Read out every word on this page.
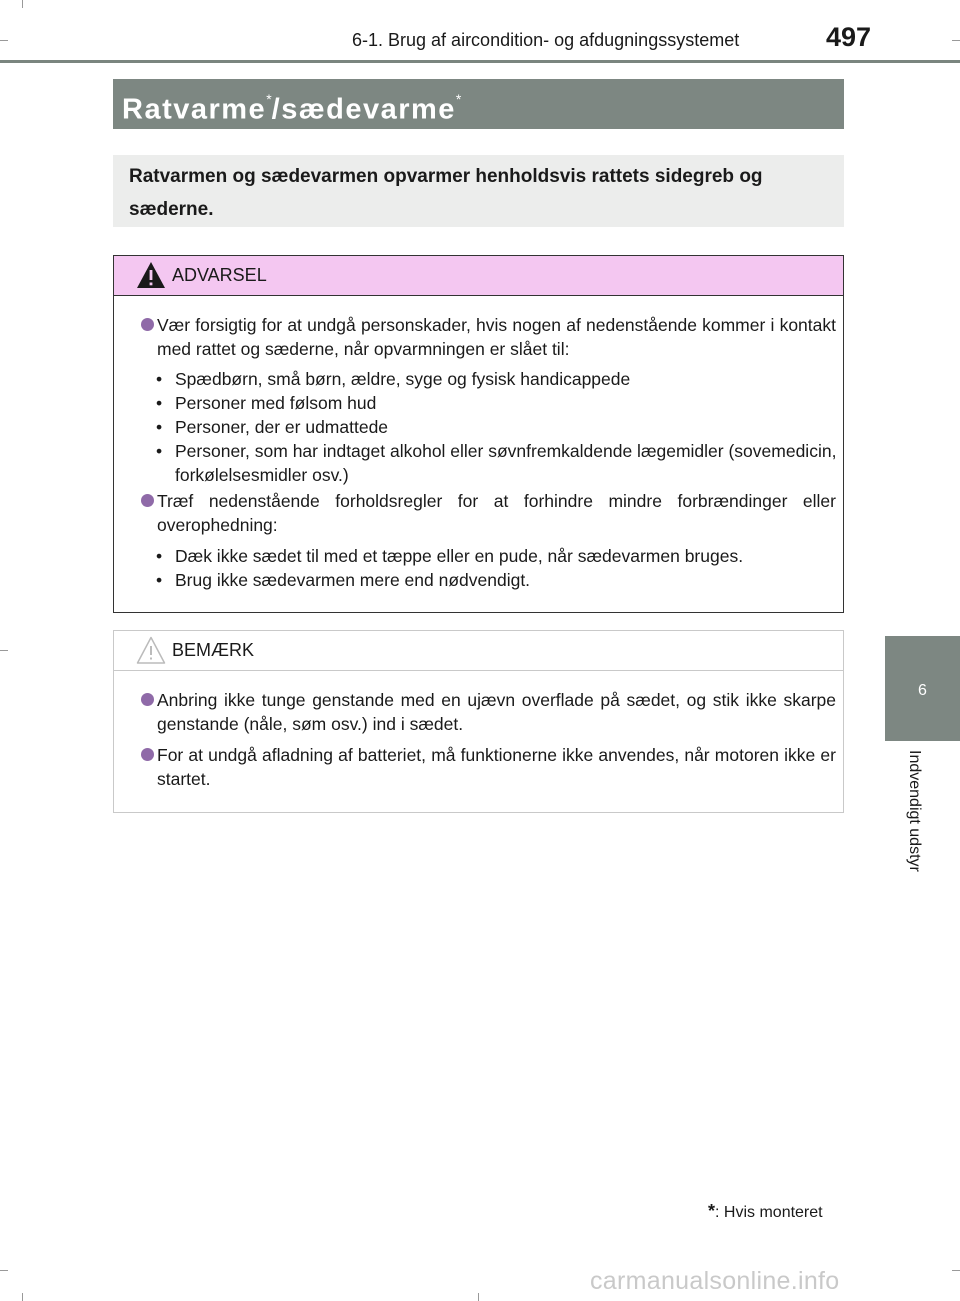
6-1. Brug af aircondition- og afdugningssystemet	497
Ratvarme*/sædevarme*
Ratvarmen og sædevarmen opvarmer henholdsvis rattets sidegreb og sæderne.
6
Indvendigt udstyr
ADVARSEL
Vær forsigtig for at undgå personskader, hvis nogen af nedenstående kommer i kontakt med rattet og sæderne, når opvarmningen er slået til:
• Spædbørn, små børn, ældre, syge og fysisk handicappede
• Personer med følsom hud
• Personer, der er udmattede
• Personer, som har indtaget alkohol eller søvnfremkaldende lægemidler (sovemedicin, forkølelsesmidler osv.)
Træf nedenstående forholdsregler for at forhindre mindre forbrændinger eller overophedning:
• Dæk ikke sædet til med et tæppe eller en pude, når sædevarmen bruges.
• Brug ikke sædevarmen mere end nødvendigt.
BEMÆRK
Anbring ikke tunge genstande med en ujævn overflade på sædet, og stik ikke skarpe genstande (nåle, søm osv.) ind i sædet.
For at undgå afladning af batteriet, må funktionerne ikke anvendes, når motoren ikke er startet.
*: Hvis monteret
carmanualsonline.info
